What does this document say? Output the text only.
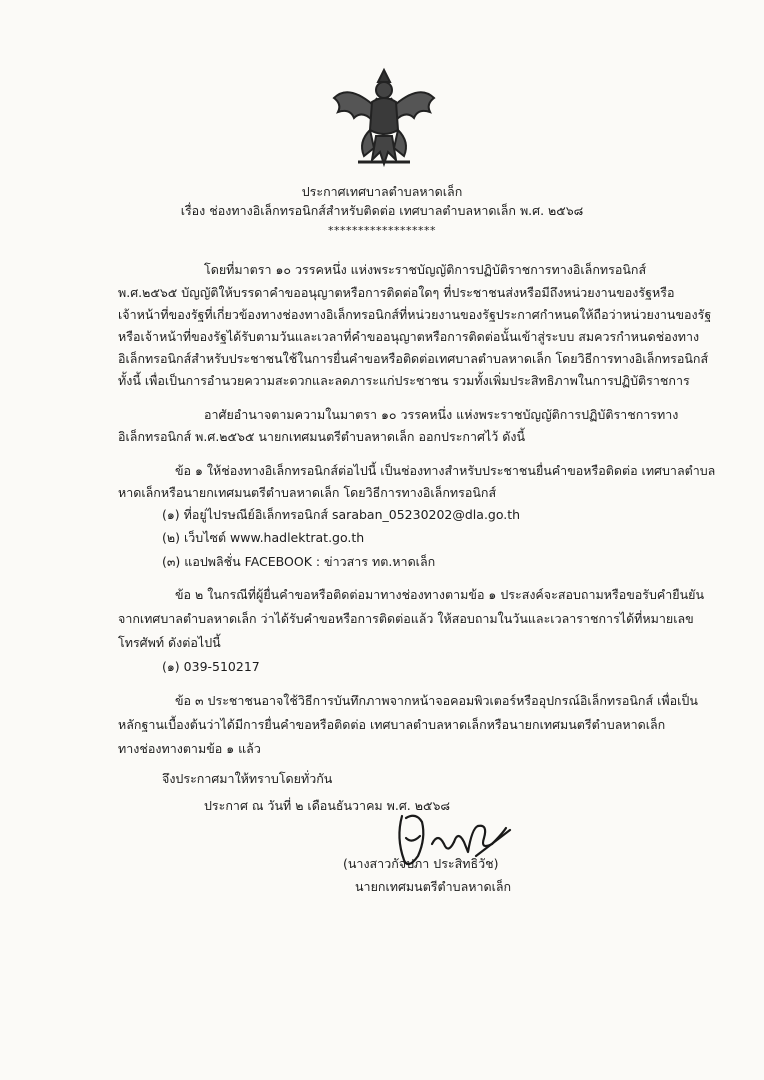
ประกาศเทศบาลตำบลหาดเล็ก
เรื่อง ช่องทางอิเล็กทรอนิกส์สำหรับติดต่อ เทศบาลตำบลหาดเล็ก พ.ศ. ๒๕๖๘
******************
โดยที่มาตรา ๑๐ วรรคหนึ่ง แห่งพระราชบัญญัติการปฏิบัติราชการทางอิเล็กทรอนิกส์
พ.ศ.๒๕๖๕ บัญญัติให้บรรดาคำขออนุญาตหรือการติดต่อใดๆ ที่ประชาชนส่งหรือมีถึงหน่วยงานของรัฐหรือ
เจ้าหน้าที่ของรัฐที่เกี่ยวข้องทางช่องทางอิเล็กทรอนิกส์ที่หน่วยงานของรัฐประกาศกำหนดให้ถือว่าหน่วยงานของรัฐ
หรือเจ้าหน้าที่ของรัฐได้รับตามวันและเวลาที่คำขออนุญาตหรือการติดต่อนั้นเข้าสู่ระบบ สมควรกำหนดช่องทาง
อิเล็กทรอนิกส์สำหรับประชาชนใช้ในการยื่นคำขอหรือติดต่อเทศบาลตำบลหาดเล็ก โดยวิธีการทางอิเล็กทรอนิกส์
ทั้งนี้ เพื่อเป็นการอำนวยความสะดวกและลดภาระแก่ประชาชน รวมทั้งเพิ่มประสิทธิภาพในการปฏิบัติราชการ
อาศัยอำนาจตามความในมาตรา ๑๐ วรรคหนึ่ง แห่งพระราชบัญญัติการปฏิบัติราชการทาง
อิเล็กทรอนิกส์ พ.ศ.๒๕๖๕ นายกเทศมนตรีตำบลหาดเล็ก ออกประกาศไว้ ดังนี้
ข้อ ๑ ให้ช่องทางอิเล็กทรอนิกส์ต่อไปนี้ เป็นช่องทางสำหรับประชาชนยื่นคำขอหรือติดต่อ เทศบาลตำบล
หาดเล็กหรือนายกเทศมนตรีตำบลหาดเล็ก โดยวิธีการทางอิเล็กทรอนิกส์
(๑) ที่อยู่ไปรษณีย์อิเล็กทรอนิกส์ saraban_05230202@dla.go.th
(๒) เว็บไซต์ www.hadlektrat.go.th
(๓) แอปพลิชั่น FACEBOOK : ข่าวสาร ทต.หาดเล็ก
ข้อ ๒ ในกรณีที่ผู้ยื่นคำขอหรือติดต่อมาทางช่องทางตามข้อ ๑ ประสงค์จะสอบถามหรือขอรับคำยืนยัน
จากเทศบาลตำบลหาดเล็ก ว่าได้รับคำขอหรือการติดต่อแล้ว ให้สอบถามในวันและเวลาราชการได้ที่หมายเลข
โทรศัพท์ ดังต่อไปนี้
(๑) 039-510217
ข้อ ๓ ประชาชนอาจใช้วิธีการบันทึกภาพจากหน้าจอคอมพิวเตอร์หรืออุปกรณ์อิเล็กทรอนิกส์ เพื่อเป็น
หลักฐานเบื้องต้นว่าได้มีการยื่นคำขอหรือติดต่อ เทศบาลตำบลหาดเล็กหรือนายกเทศมนตรีตำบลหาดเล็ก
ทางช่องทางตามข้อ ๑ แล้ว
จึงประกาศมาให้ทราบโดยทั่วกัน
ประกาศ ณ วันที่ ๒ เดือนธันวาคม พ.ศ. ๒๕๖๘
(นางสาวกัจปภา ประสิทธิวัช)
นายกเทศมนตรีตำบลหาดเล็ก
